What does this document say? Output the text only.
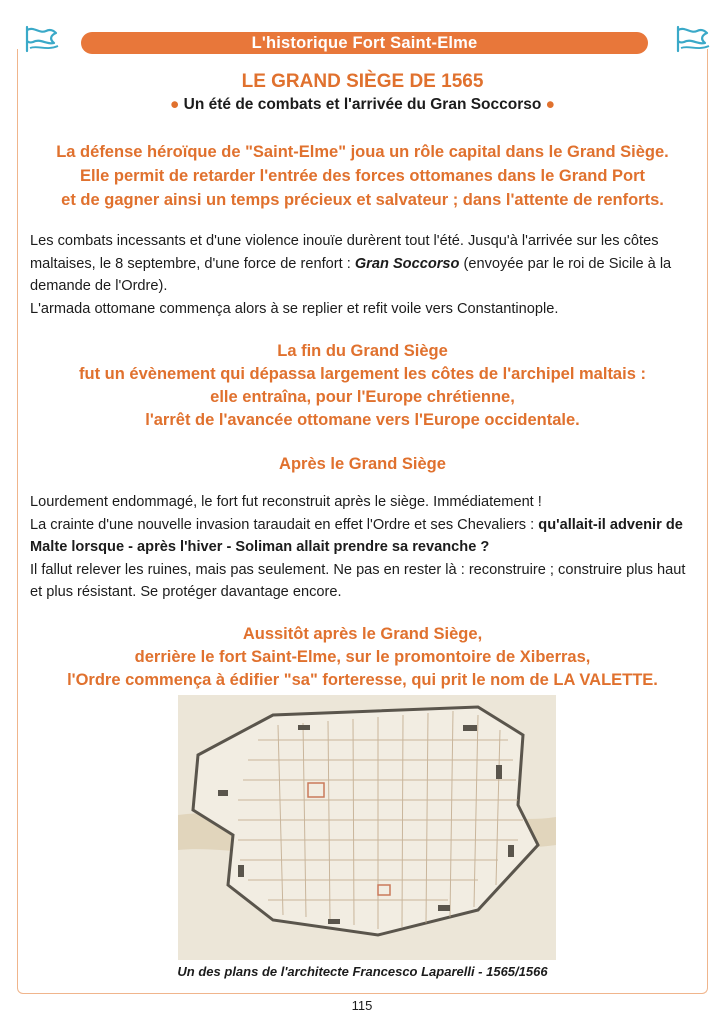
L'historique Fort Saint-Elme
LE GRAND SIÈGE DE 1565
● Un été de combats et l'arrivée du Gran Soccorso ●
La défense héroïque de "Saint-Elme" joua un rôle capital dans le Grand Siège.
Elle permit de retarder l'entrée des forces ottomanes dans le Grand Port
et de gagner ainsi un temps précieux et salvateur ; dans l'attente de renforts.
Les combats incessants et d'une violence inouïe durèrent tout l'été. Jusqu'à l'arrivée sur les côtes maltaises, le 8 septembre, d'une force de renfort : Gran Soccorso (envoyée par le roi de Sicile à la demande de l'Ordre).
L'armada ottomane commença alors à se replier et refit voile vers Constantinople.
La fin du Grand Siège
fut un évènement qui dépassa largement les côtes de l'archipel maltais :
elle entraîna, pour l'Europe chrétienne,
l'arrêt de l'avancée ottomane vers l'Europe occidentale.
Après le Grand Siège
Lourdement endommagé, le fort fut reconstruit après le siège. Immédiatement !
La crainte d'une nouvelle invasion taraudait en effet l'Ordre et ses Chevaliers : qu'allait-il advenir de Malte lorsque - après l'hiver - Soliman allait prendre sa revanche ?
Il fallut relever les ruines, mais pas seulement. Ne pas en rester là : reconstruire ; construire plus haut et plus résistant. Se protéger davantage encore.
Aussitôt après le Grand Siège,
derrière le fort Saint-Elme, sur le promontoire de Xiberras,
l'Ordre commença à édifier "sa" forteresse, qui prit le nom de LA VALETTE.
Un des plans de l'architecte Francesco Laparelli - 1565/1566
115
